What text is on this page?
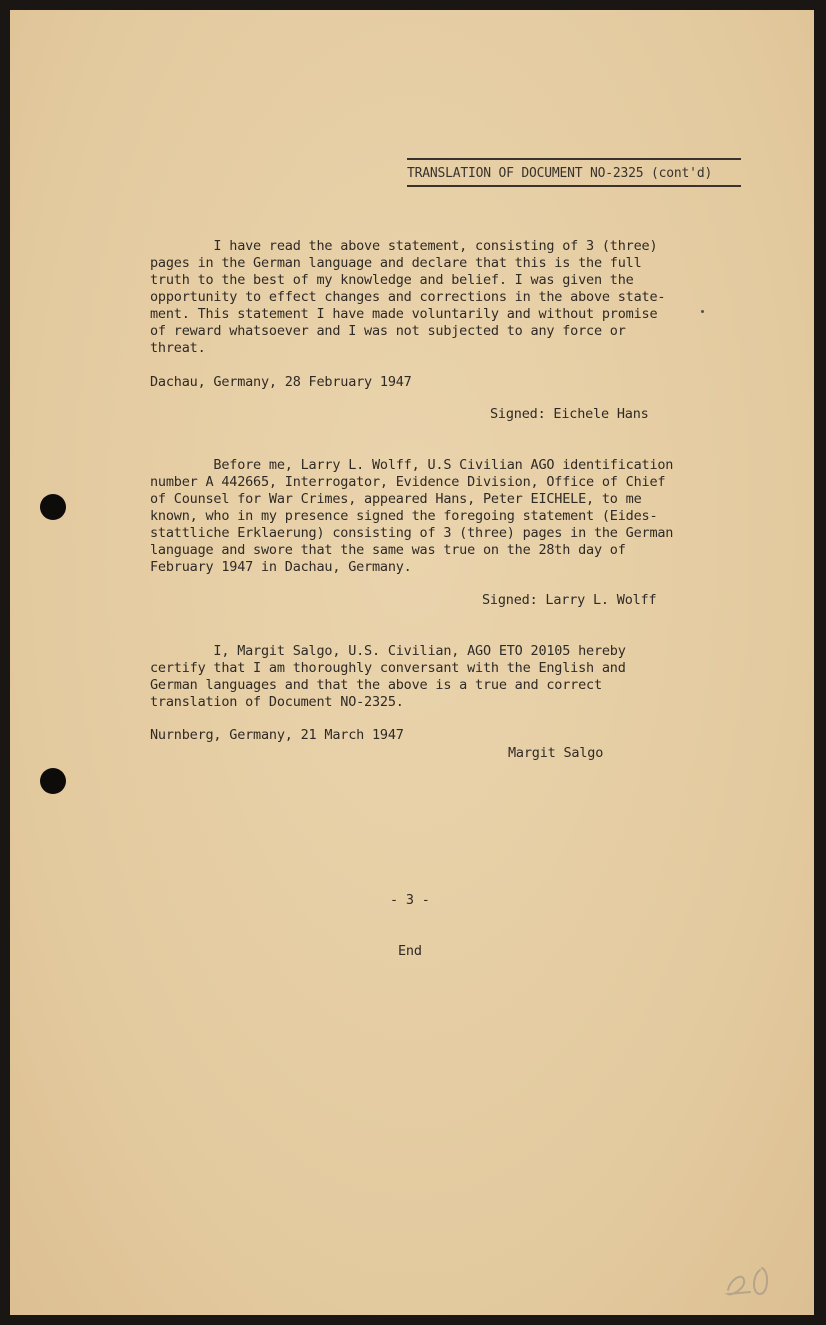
TRANSLATION OF DOCUMENT NO-2325 (cont'd)
I have read the above statement, consisting of 3 (three)
pages in the German language and declare that this is the full
truth to the best of my knowledge and belief. I was given the
opportunity to effect changes and corrections in the above state-
ment. This statement I have made voluntarily and without promise
of reward whatsoever and I was not subjected to any force or
threat.
Dachau, Germany, 28 February 1947
Signed: Eichele Hans
Before me, Larry L. Wolff, U.S Civilian AGO identification
number A 442665, Interrogator, Evidence Division, Office of Chief
of Counsel for War Crimes, appeared Hans, Peter EICHELE, to me
known, who in my presence signed the foregoing statement (Eides-
stattliche Erklaerung) consisting of 3 (three) pages in the German
language and swore that the same was true on the 28th day of
February 1947 in Dachau, Germany.
Signed: Larry L. Wolff
I, Margit Salgo, U.S. Civilian, AGO ETO 20105 hereby
certify that I am thoroughly conversant with the English and
German languages and that the above is a true and correct
translation of Document NO-2325.
Nurnberg, Germany, 21 March 1947
Margit Salgo
- 3 -
End
